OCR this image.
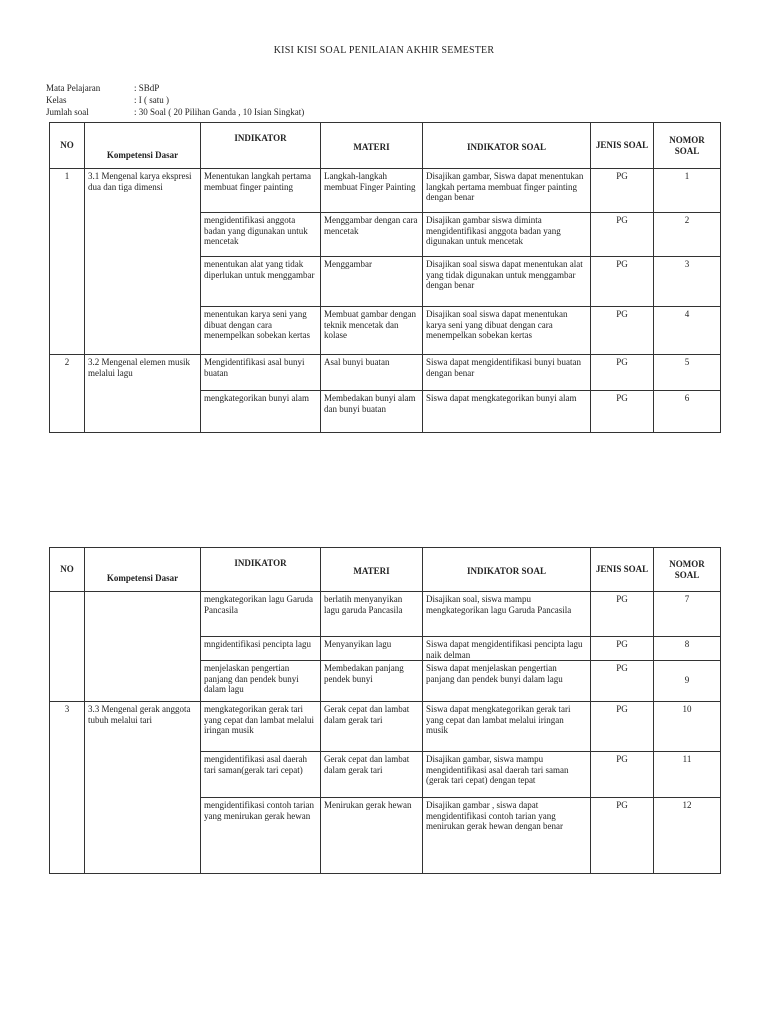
KISI KISI SOAL PENILAIAN AKHIR SEMESTER
Mata Pelajaran	: SBdP
Kelas	: I ( satu )
Jumlah soal	: 30 Soal ( 20 Pilihan Ganda , 10 Isian Singkat)
NO	Kompetensi Dasar	INDIKATOR	MATERI	INDIKATOR SOAL	JENIS SOAL	NOMOR SOAL
1	3.1 Mengenal karya ekspresi dua dan tiga dimensi	Menentukan langkah pertama membuat finger painting	Langkah-langkah membuat Finger Painting	Disajikan gambar, Siswa dapat menentukan langkah pertama membuat finger painting dengan benar	PG	1
		mengidentifikasi anggota badan yang digunakan untuk mencetak	Menggambar dengan cara mencetak	Disajikan gambar siswa diminta mengidentifikasi anggota badan yang digunakan untuk mencetak	PG	2
		menentukan alat yang tidak diperlukan untuk menggambar	Menggambar	Disajikan soal siswa dapat menentukan alat yang tidak digunakan untuk menggambar dengan benar	PG	3
		menentukan karya seni yang dibuat dengan cara menempelkan sobekan kertas	Membuat gambar dengan teknik mencetak dan kolase	Disajikan soal siswa dapat menentukan karya seni yang dibuat dengan cara menempelkan sobekan kertas	PG	4
2	3.2 Mengenal elemen musik melalui lagu	Mengidentifikasi asal bunyi buatan	Asal bunyi buatan	Siswa dapat mengidentifikasi bunyi buatan dengan benar	PG	5
		mengkategorikan bunyi alam	Membedakan bunyi alam dan bunyi buatan	Siswa dapat mengkategorikan bunyi alam	PG	6
NO	Kompetensi Dasar	INDIKATOR	MATERI	INDIKATOR SOAL	JENIS SOAL	NOMOR SOAL
		mengkategorikan lagu Garuda Pancasila	berlatih menyanyikan lagu garuda Pancasila	Disajikan soal, siswa mampu mengkategorikan lagu Garuda Pancasila	PG	7
		mngidentifikasi pencipta lagu	Menyanyikan lagu	Siswa dapat mengidentifikasi pencipta lagu naik delman	PG	8
		menjelaskan pengertian panjang dan pendek bunyi dalam lagu	Membedakan panjang pendek bunyi	Siswa dapat menjelaskan pengertian panjang dan pendek bunyi dalam lagu	PG	9
3	3.3 Mengenal gerak anggota tubuh melalui tari	mengkategorikan gerak tari yang cepat dan lambat melalui iringan musik	Gerak cepat dan lambat dalam gerak tari	Siswa dapat mengkategorikan gerak tari yang cepat dan lambat melalui iringan musik	PG	10
		mengidentifikasi asal daerah tari saman(gerak tari cepat)	Gerak cepat dan lambat dalam gerak tari	Disajikan gambar, siswa mampu mengidentifikasi asal daerah tari saman (gerak tari cepat) dengan tepat	PG	11
		mengidentifikasi contoh tarian yang menirukan gerak hewan	Menirukan gerak hewan	Disajikan gambar , siswa dapat mengidentifikasi contoh tarian yang menirukan gerak hewan dengan benar	PG	12
